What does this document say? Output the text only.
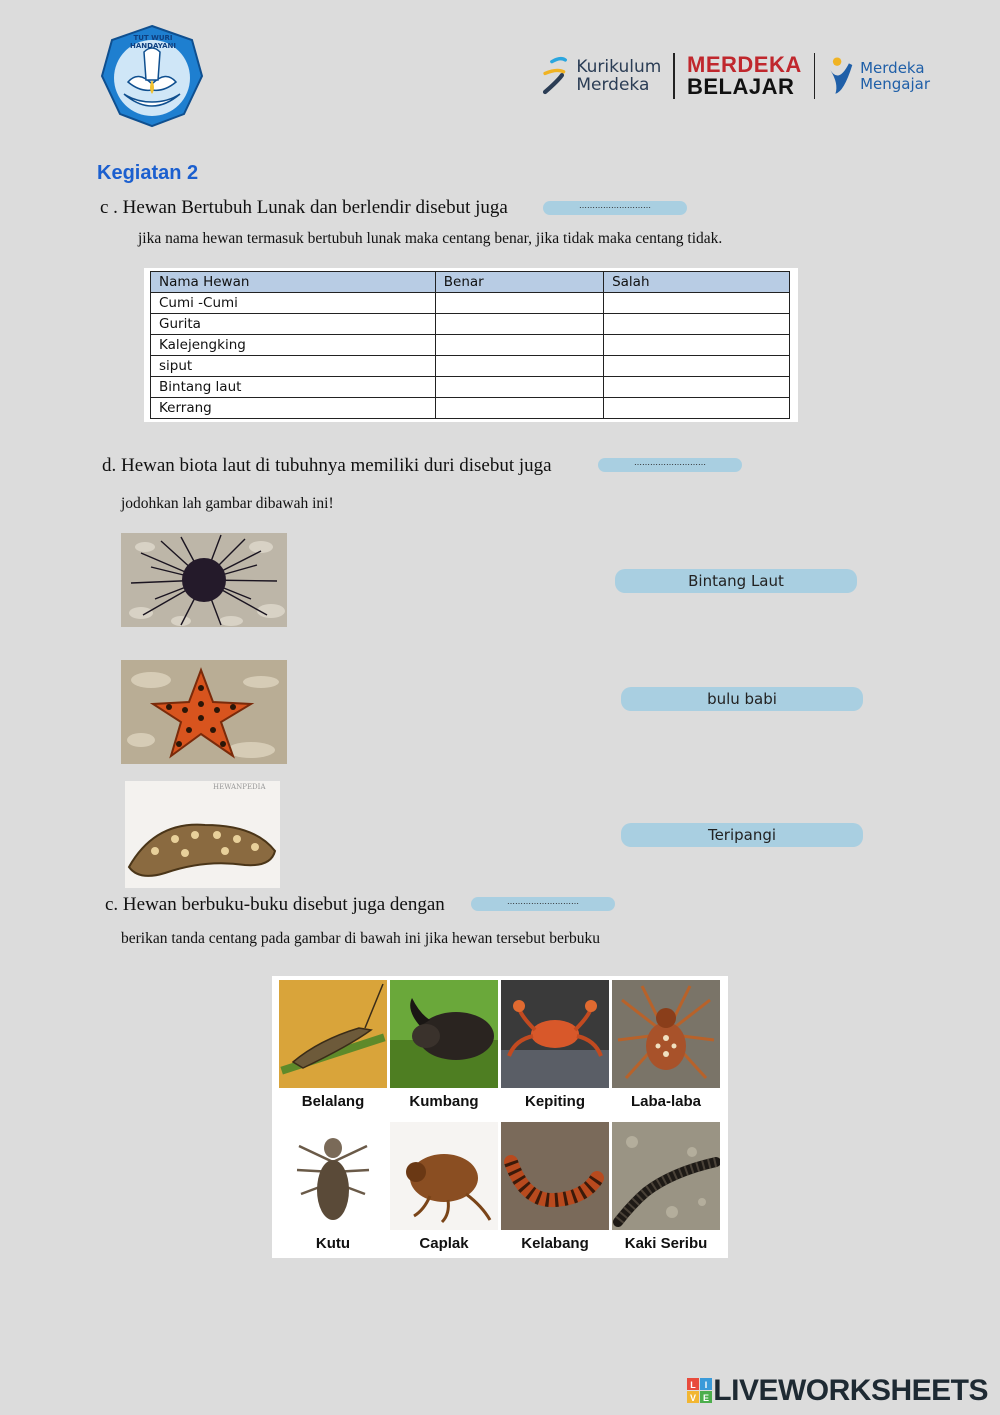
TUT WURI HANDAYANI
Kurikulum
Merdeka
MERDEKA
BELAJAR
Merdeka
Mengajar
Kegiatan 2
c . Hewan Bertubuh Lunak dan berlendir disebut juga	………………………
jika nama hewan termasuk bertubuh lunak maka centang benar, jika tidak maka centang tidak.
Nama Hewan	Benar	Salah
Cumi -Cumi		
Gurita		
Kalejengking		
siput		
Bintang laut		
Kerrang		
d. Hewan biota laut di tubuhnya memiliki duri disebut juga	………………………
jodohkan lah gambar dibawah ini!
HEWANPEDIA
Bintang Laut
bulu babi
Teripangi
c. Hewan berbuku-buku disebut juga dengan	………………………
berikan tanda centang pada gambar di bawah ini jika hewan tersebut berbuku
Belalang	Kumbang	Kepiting	Laba-laba
Kutu	Caplak	Kelabang	Kaki Seribu
L I
V E LIVEWORKSHEETS
